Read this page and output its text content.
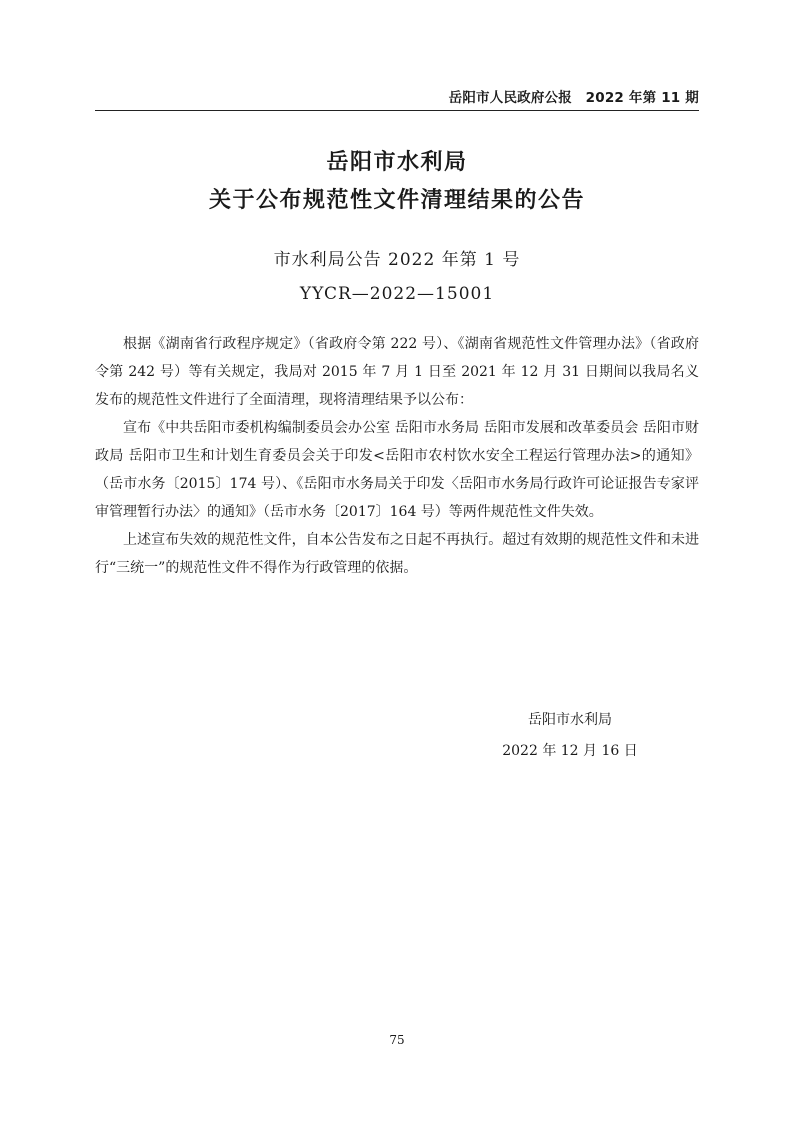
岳阳市人民政府公报　2022 年第 11 期
岳阳市水利局
关于公布规范性文件清理结果的公告
市水利局公告 2022 年第 1 号
YYCR—2022—15001

根据《湖南省行政程序规定》（省政府令第 222 号）、《湖南省规范性文件管理办法》（省政府令第 242 号）等有关规定，我局对 2015 年 7 月 1 日至 2021 年 12 月 31 日期间以我局名义发布的规范性文件进行了全面清理，现将清理结果予以公布：

宣布《中共岳阳市委机构编制委员会办公室 岳阳市水务局 岳阳市发展和改革委员会 岳阳市财政局 岳阳市卫生和计划生育委员会关于印发<岳阳市农村饮水安全工程运行管理办法>的通知》（岳市水务〔2015〕174 号）、《岳阳市水务局关于印发〈岳阳市水务局行政许可论证报告专家评审管理暂行办法〉的通知》（岳市水务〔2017〕164 号）等两件规范性文件失效。

上述宣布失效的规范性文件，自本公告发布之日起不再执行。超过有效期的规范性文件和未进行“三统一”的规范性文件不得作为行政管理的依据。

岳阳市水利局
2022 年 12 月 16 日
75
